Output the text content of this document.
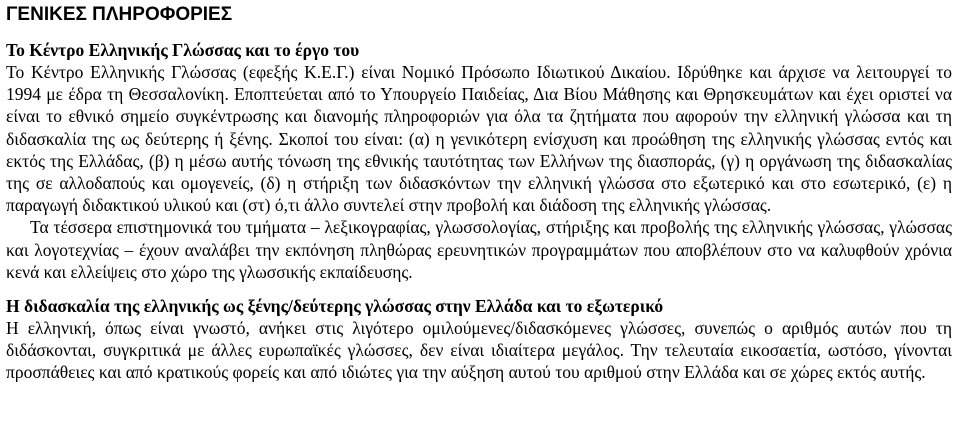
ΓΕΝΙΚΕΣ ΠΛΗΡΟΦΟΡΙΕΣ
Το Κέντρο Ελληνικής Γλώσσας και το έργο του

Το Κέντρο Ελληνικής Γλώσσας (εφεξής Κ.Ε.Γ.) είναι Νομικό Πρόσωπο Ιδιωτικού Δικαίου. Ιδρύθηκε και άρχισε να λειτουργεί το 1994 με έδρα τη Θεσσαλονίκη. Εποπτεύεται από το Υπουργείο Παιδείας, Δια Βίου Μάθησης και Θρησκευμάτων και έχει οριστεί να είναι το εθνικό σημείο συγκέντρωσης και διανομής πληροφοριών για όλα τα ζητήματα που αφορούν την ελληνική γλώσσα και τη διδασκαλία της ως δεύτερης ή ξένης. Σκοποί του είναι: (α) η γενικότερη ενίσχυση και προώθηση της ελληνικής γλώσσας εντός και εκτός της Ελλάδας, (β) η μέσω αυτής τόνωση της εθνικής ταυτότητας των Ελλήνων της διασποράς, (γ) η οργάνωση της διδασκαλίας της σε αλλοδαπούς και ομογενείς, (δ) η στήριξη των διδασκόντων την ελληνική γλώσσα στο εξωτερικό και στο εσωτερικό, (ε) η παραγωγή διδακτικού υλικού και (στ) ό,τι άλλο συντελεί στην προβολή και διάδοση της ελληνικής γλώσσας.

Τα τέσσερα επιστημονικά του τμήματα – λεξικογραφίας, γλωσσολογίας, στήριξης και προβολής της ελληνικής γλώσσας, γλώσσας και λογοτεχνίας – έχουν αναλάβει την εκπόνηση πληθώρας ερευνητικών προγραμμάτων που αποβλέπουν στο να καλυφθούν χρόνια κενά και ελλείψεις στο χώρο της γλωσσικής εκπαίδευσης.

Η διδασκαλία της ελληνικής ως ξένης/δεύτερης γλώσσας στην Ελλάδα και το εξωτερικό

Η ελληνική, όπως είναι γνωστό, ανήκει στις λιγότερο ομιλούμενες/διδασκόμενες γλώσσες, συνεπώς ο αριθμός αυτών που τη διδάσκονται, συγκριτικά με άλλες ευρωπαϊκές γλώσσες, δεν είναι ιδιαίτερα μεγάλος. Την τελευταία εικοσαετία, ωστόσο, γίνονται προσπάθειες και από κρατικούς φορείς και από ιδιώτες για την αύξηση αυτού του αριθμού στην Ελλάδα και σε χώρες εκτός αυτής.
